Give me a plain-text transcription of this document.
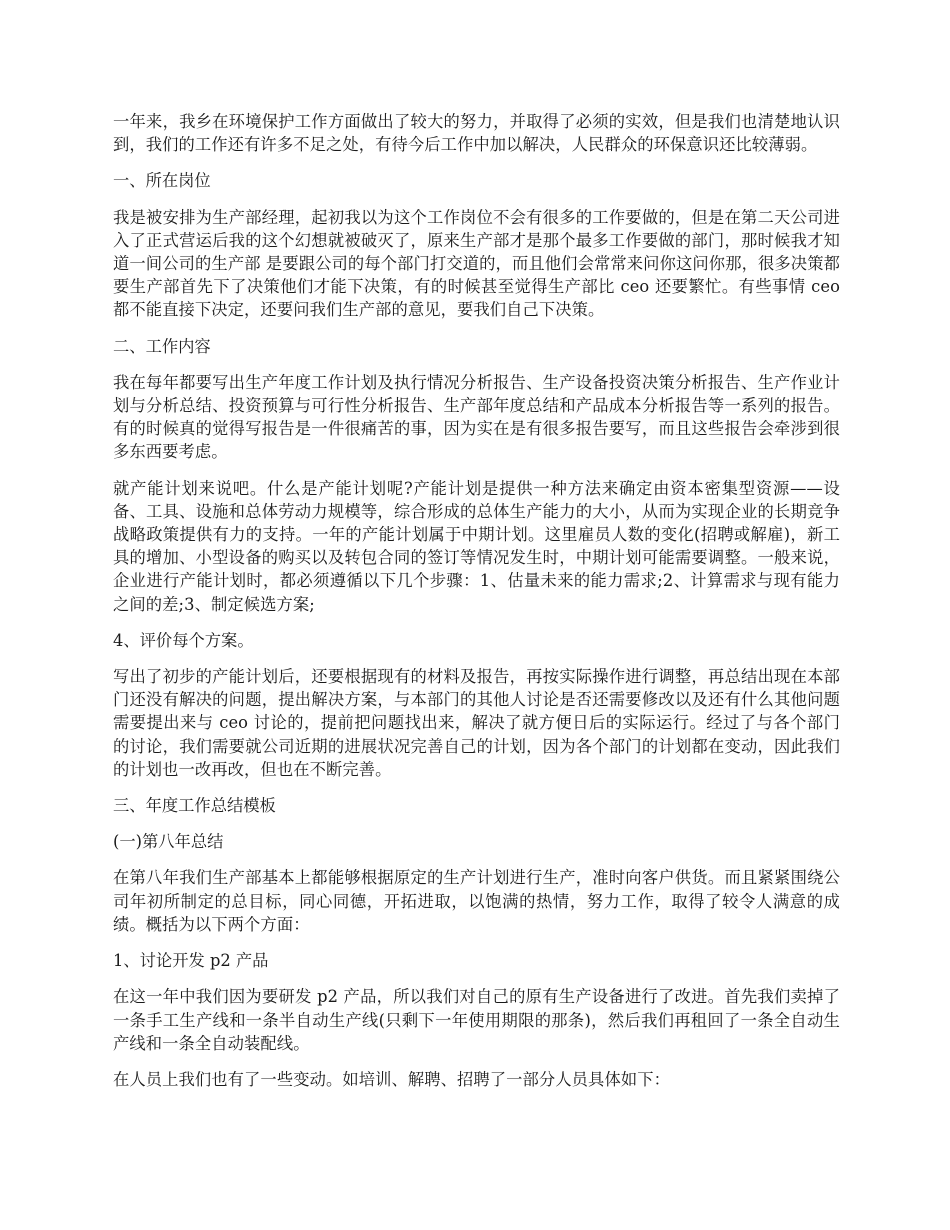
一年来，我乡在环境保护工作方面做出了较大的努力，并取得了必须的实效，但是我们也清楚地认识到，我们的工作还有许多不足之处，有待今后工作中加以解决，人民群众的环保意识还比较薄弱。

一、所在岗位

我是被安排为生产部经理，起初我以为这个工作岗位不会有很多的工作要做的，但是在第二天公司进入了正式营运后我的这个幻想就被破灭了，原来生产部才是那个最多工作要做的部门，那时候我才知道一间公司的生产部 是要跟公司的每个部门打交道的，而且他们会常常来问你这问你那，很多决策都要生产部首先下了决策他们才能下决策，有的时候甚至觉得生产部比 ceo 还要繁忙。有些事情 ceo 都不能直接下决定，还要问我们生产部的意见，要我们自己下决策。

二、工作内容

我在每年都要写出生产年度工作计划及执行情况分析报告、生产设备投资决策分析报告、生产作业计划与分析总结、投资预算与可行性分析报告、生产部年度总结和产品成本分析报告等一系列的报告。有的时候真的觉得写报告是一件很痛苦的事，因为实在是有很多报告要写，而且这些报告会牵涉到很多东西要考虑。

就产能计划来说吧。什么是产能计划呢?产能计划是提供一种方法来确定由资本密集型资源——设备、工具、设施和总体劳动力规模等，综合形成的总体生产能力的大小，从而为实现企业的长期竞争战略政策提供有力的支持。一年的产能计划属于中期计划。这里雇员人数的变化(招聘或解雇)，新工具的增加、小型设备的购买以及转包合同的签订等情况发生时，中期计划可能需要调整。一般来说，企业进行产能计划时，都必须遵循以下几个步骤：1、估量未来的能力需求;2、计算需求与现有能力之间的差;3、制定候选方案;

4、评价每个方案。

写出了初步的产能计划后，还要根据现有的材料及报告，再按实际操作进行调整，再总结出现在本部门还没有解决的问题，提出解决方案，与本部门的其他人讨论是否还需要修改以及还有什么其他问题需要提出来与 ceo 讨论的，提前把问题找出来，解决了就方便日后的实际运行。经过了与各个部门的讨论，我们需要就公司近期的进展状况完善自己的计划，因为各个部门的计划都在变动，因此我们的计划也一改再改，但也在不断完善。

三、年度工作总结模板

(一)第八年总结

在第八年我们生产部基本上都能够根据原定的生产计划进行生产，准时向客户供货。而且紧紧围绕公司年初所制定的总目标，同心同德，开拓进取，以饱满的热情，努力工作，取得了较令人满意的成绩。概括为以下两个方面：

1、讨论开发 p2 产品

在这一年中我们因为要研发 p2 产品，所以我们对自己的原有生产设备进行了改进。首先我们卖掉了一条手工生产线和一条半自动生产线(只剩下一年使用期限的那条)，然后我们再租回了一条全自动生产线和一条全自动装配线。

在人员上我们也有了一些变动。如培训、解聘、招聘了一部分人员具体如下：
